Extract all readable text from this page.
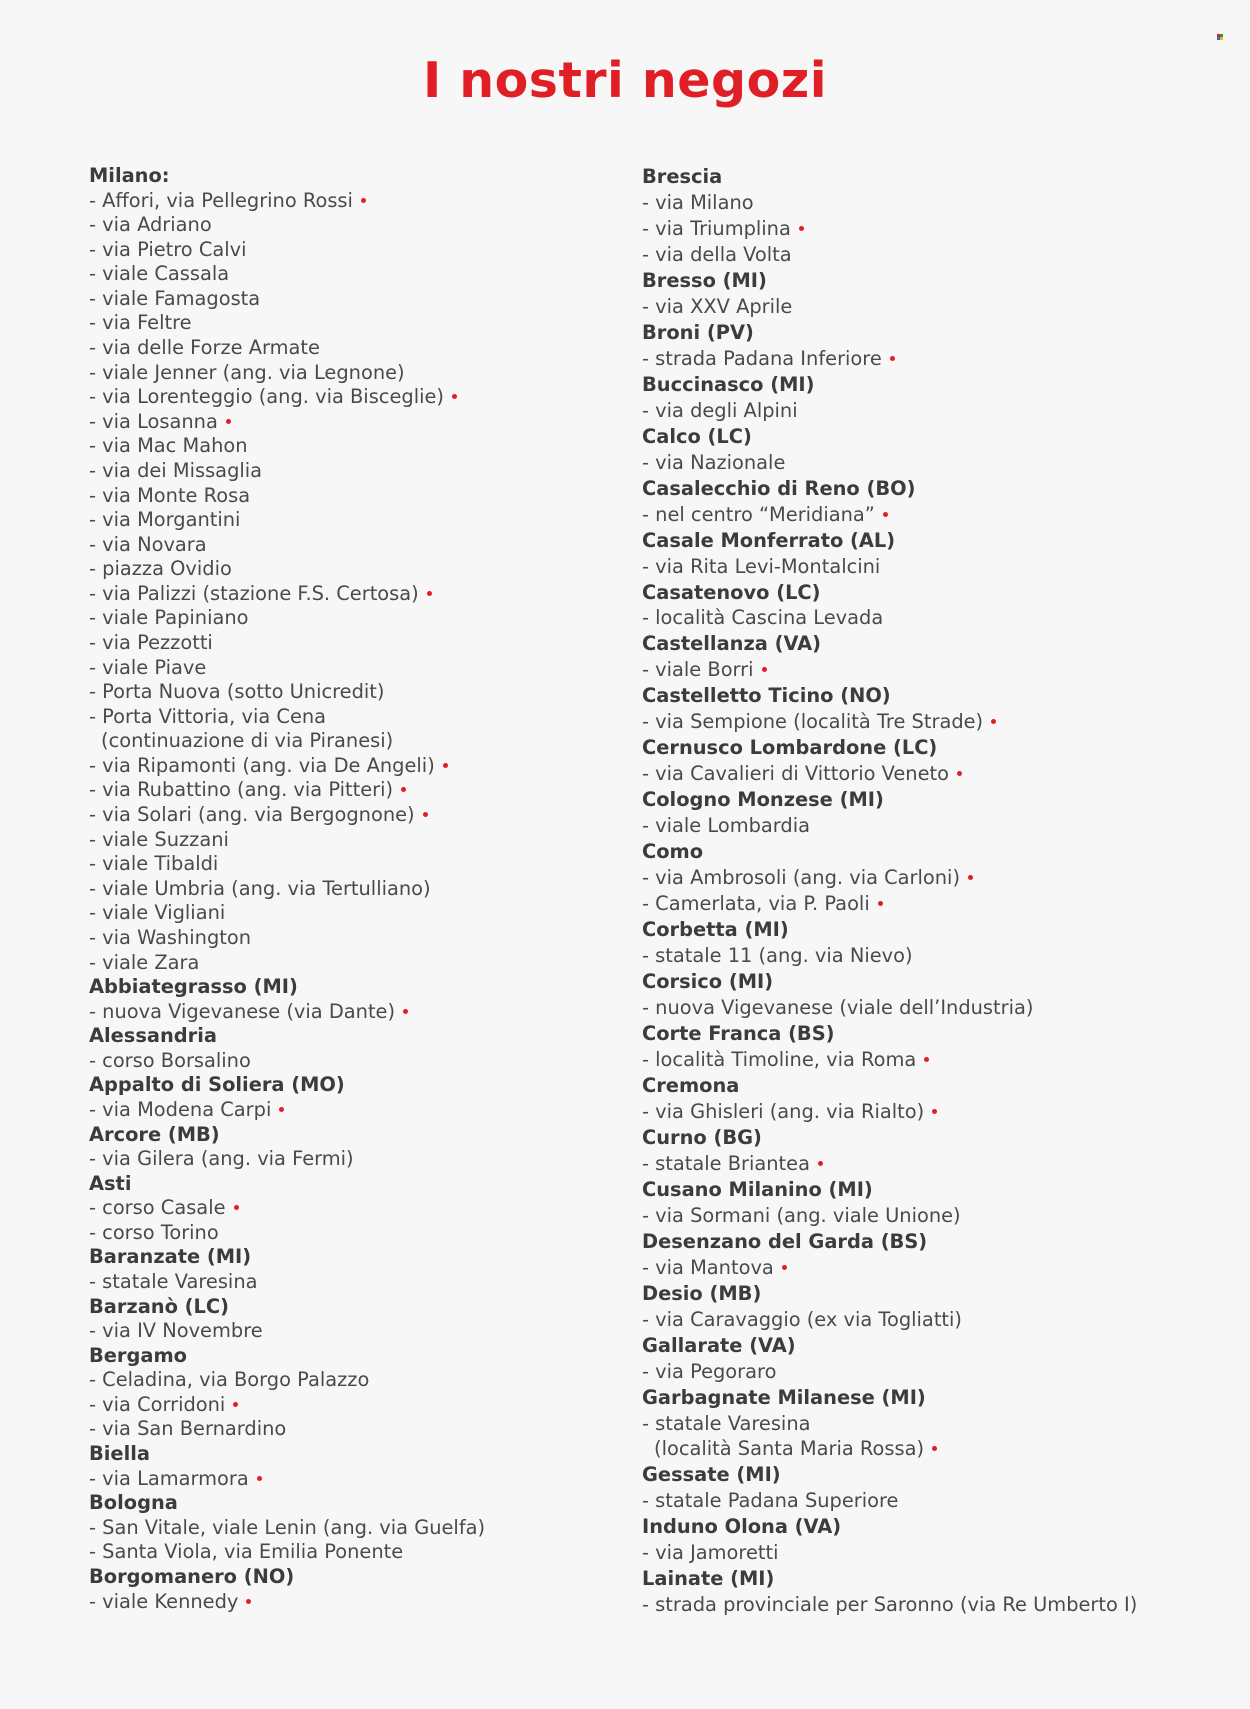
I nostri negozi
Milano:
- Affori, via Pellegrino Rossi
- via Adriano
- via Pietro Calvi
- viale Cassala
- viale Famagosta
- via Feltre
- via delle Forze Armate
- viale Jenner (ang. via Legnone)
- via Lorenteggio (ang. via Bisceglie)
- via Losanna
- via Mac Mahon
- via dei Missaglia
- via Monte Rosa
- via Morgantini
- via Novara
- piazza Ovidio
- via Palizzi (stazione F.S. Certosa)
- viale Papiniano
- via Pezzotti
- viale Piave
- Porta Nuova (sotto Unicredit)
- Porta Vittoria, via Cena
(continuazione di via Piranesi)
- via Ripamonti (ang. via De Angeli)
- via Rubattino (ang. via Pitteri)
- via Solari (ang. via Bergognone)
- viale Suzzani
- viale Tibaldi
- viale Umbria (ang. via Tertulliano)
- viale Vigliani
- via Washington
- viale Zara
Abbiategrasso (MI)
- nuova Vigevanese (via Dante)
Alessandria
- corso Borsalino
Appalto di Soliera (MO)
- via Modena Carpi
Arcore (MB)
- via Gilera (ang. via Fermi)
Asti
- corso Casale
- corso Torino
Baranzate (MI)
- statale Varesina
Barzanò (LC)
- via IV Novembre
Bergamo
- Celadina, via Borgo Palazzo
- via Corridoni
- via San Bernardino
Biella
- via Lamarmora
Bologna
- San Vitale, viale Lenin (ang. via Guelfa)
- Santa Viola, via Emilia Ponente
Borgomanero (NO)
- viale Kennedy
Brescia
- via Milano
- via Triumplina
- via della Volta
Bresso (MI)
- via XXV Aprile
Broni (PV)
- strada Padana Inferiore
Buccinasco (MI)
- via degli Alpini
Calco (LC)
- via Nazionale
Casalecchio di Reno (BO)
- nel centro “Meridiana”
Casale Monferrato (AL)
- via Rita Levi-Montalcini
Casatenovo (LC)
- località Cascina Levada
Castellanza (VA)
- viale Borri
Castelletto Ticino (NO)
- via Sempione (località Tre Strade)
Cernusco Lombardone (LC)
- via Cavalieri di Vittorio Veneto
Cologno Monzese (MI)
- viale Lombardia
Como
- via Ambrosoli (ang. via Carloni)
- Camerlata, via P. Paoli
Corbetta (MI)
- statale 11 (ang. via Nievo)
Corsico (MI)
- nuova Vigevanese (viale dell’Industria)
Corte Franca (BS)
- località Timoline, via Roma
Cremona
- via Ghisleri (ang. via Rialto)
Curno (BG)
- statale Briantea
Cusano Milanino (MI)
- via Sormani (ang. viale Unione)
Desenzano del Garda (BS)
- via Mantova
Desio (MB)
- via Caravaggio (ex via Togliatti)
Gallarate (VA)
- via Pegoraro
Garbagnate Milanese (MI)
- statale Varesina
(località Santa Maria Rossa)
Gessate (MI)
- statale Padana Superiore
Induno Olona (VA)
- via Jamoretti
Lainate (MI)
- strada provinciale per Saronno (via Re Umberto I)
